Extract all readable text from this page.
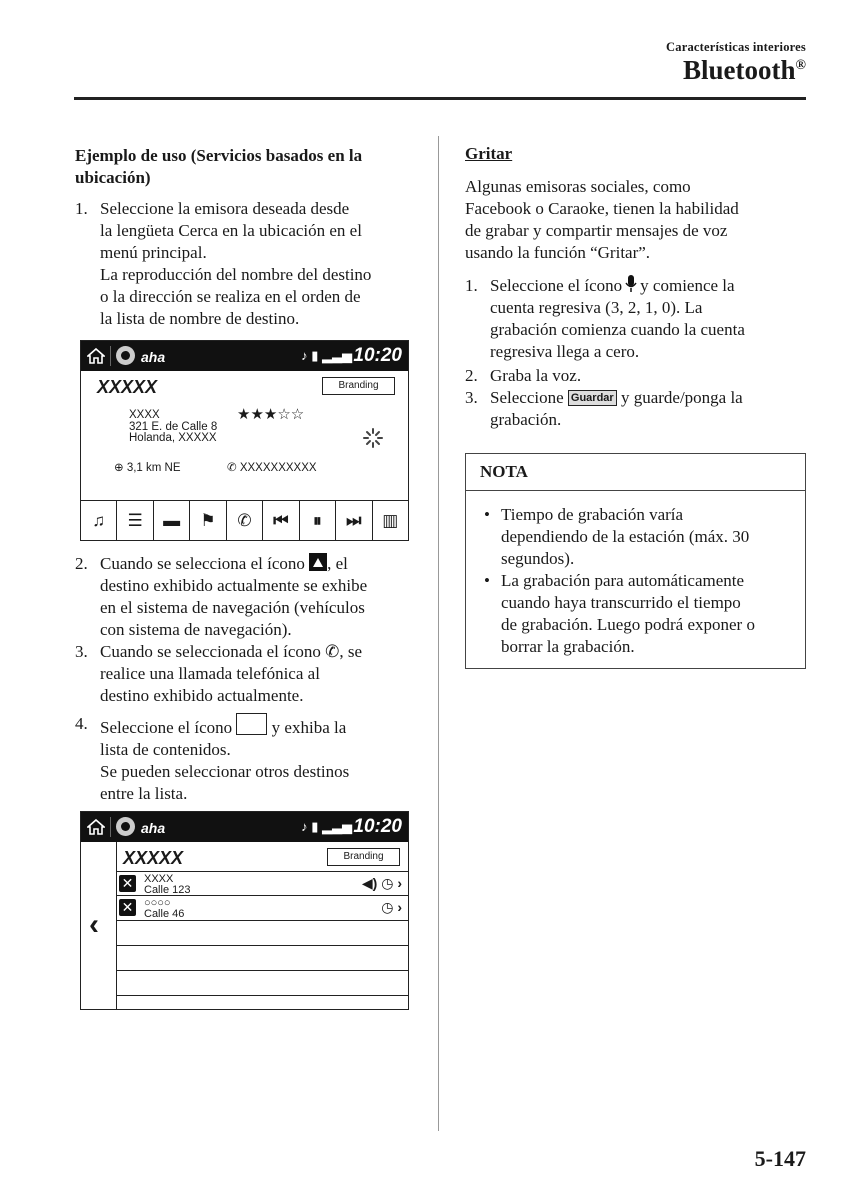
Características interiores
Bluetooth®
Ejemplo de uso (Servicios basados en la
ubicación)
1. Seleccione la emisora deseada desde
la lengüeta Cerca en la ubicación en el
menú principal.
La reproducción del nombre del destino
o la dirección se realiza en el orden de
la lista de nombre de destino.
aha	♪ ▮ ▂▃▅ 10:20
XXXXX	Branding
XXXX
321 E. de Calle 8
Holanda, XXXXX
★★★☆☆
⊕ 3,1 km NE	✆ XXXXXXXXXX
♫	☰	▬	⚑	✆	⏮	⏸	⏭	▥
2. Cuando se selecciona el ícono , el
destino exhibido actualmente se exhibe
en el sistema de navegación (vehículos
con sistema de navegación).
3. Cuando se seleccionada el ícono ✆, se
realice una llamada telefónica al
destino exhibido actualmente.
4. Seleccione el ícono y exhiba la
lista de contenidos.
Se pueden seleccionar otros destinos
entre la lista.
aha	♪ ▮ ▂▃▅ 10:20
‹
XXXXX	Branding
✕ XXXX
Calle 123	◀) ◷ ›
✕ ○○○○
Calle 46	◷ ›
Gritar
Algunas emisoras sociales, como
Facebook o Caraoke, tienen la habilidad
de grabar y compartir mensajes de voz
usando la función “Gritar”.
1. Seleccione el ícono y comience la
cuenta regresiva (3, 2, 1, 0). La
grabación comienza cuando la cuenta
regresiva llega a cero.
2. Graba la voz.
3. Seleccione Guardar y guarde/ponga la
grabación.
NOTA
• Tiempo de grabación varía
dependiendo de la estación (máx. 30
segundos).
• La grabación para automáticamente
cuando haya transcurrido el tiempo
de grabación. Luego podrá exponer o
borrar la grabación.
5-147
